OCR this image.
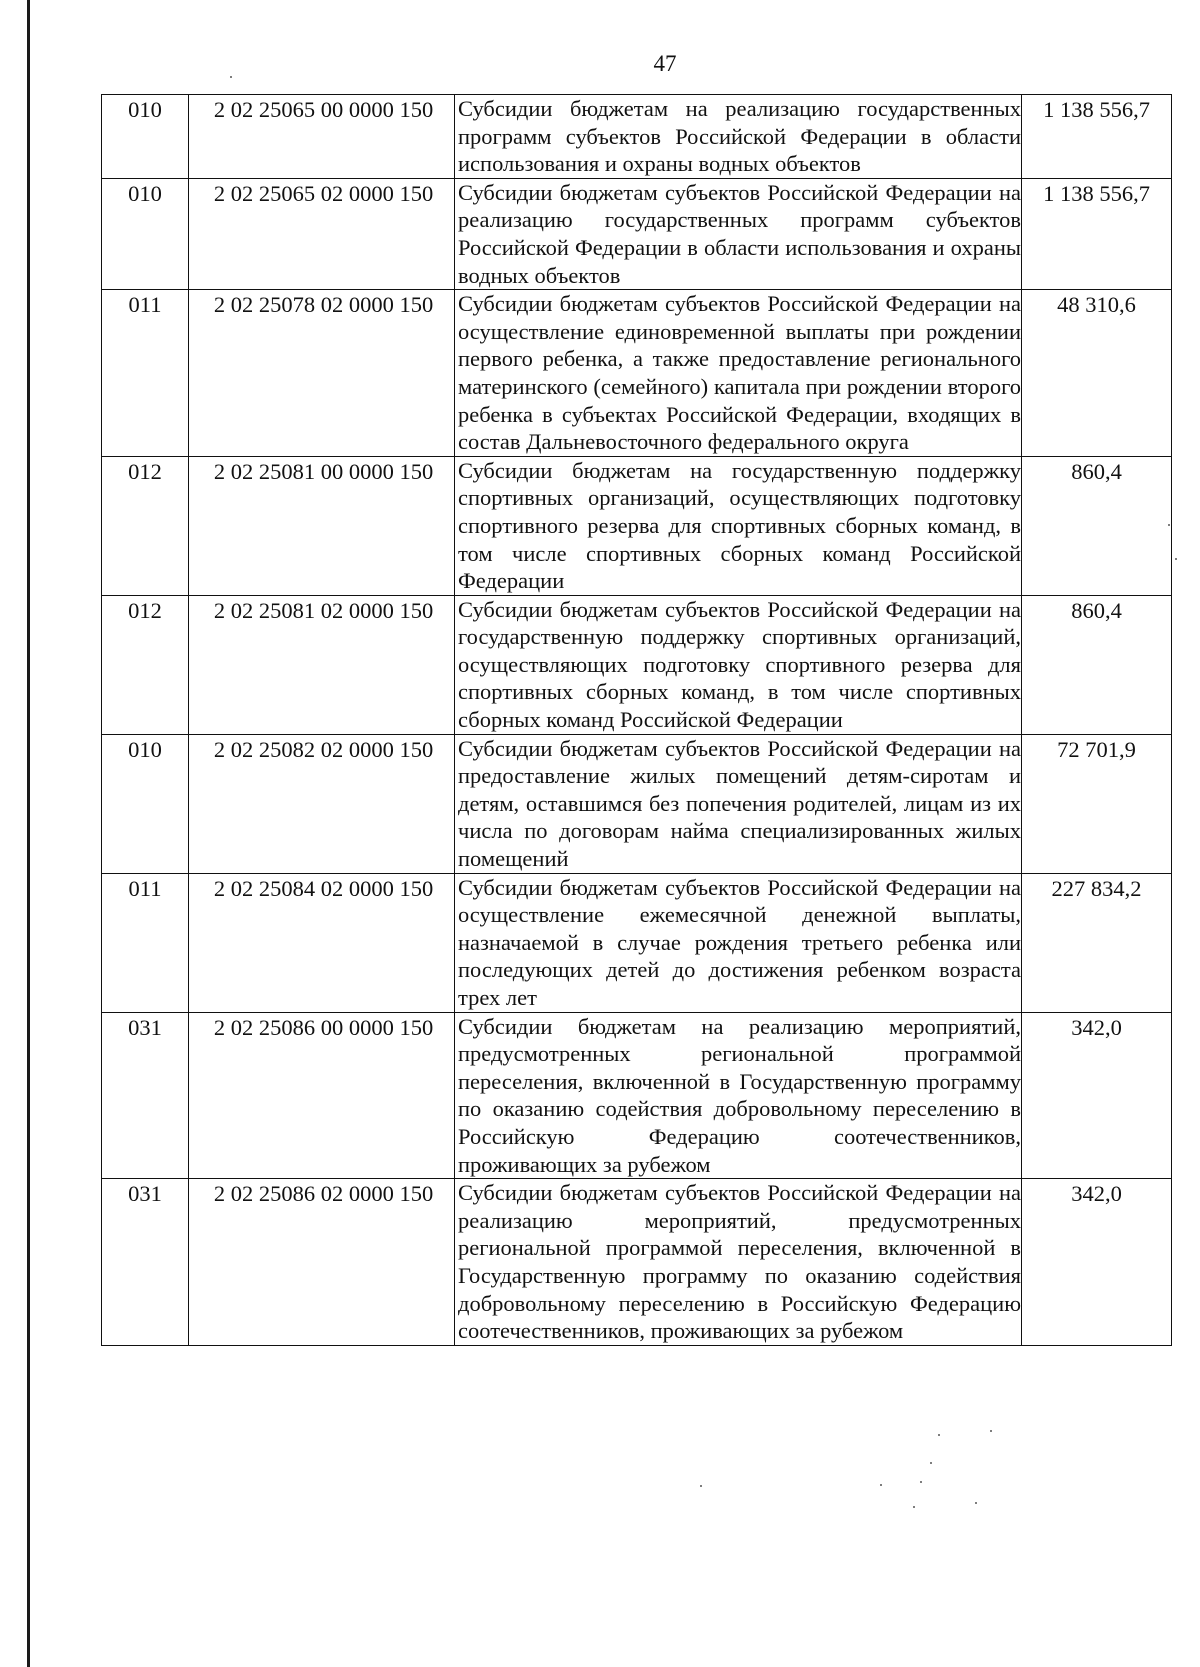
47
010	2 02 25065 00 0000 150	Субсидии бюджетам на реализацию государственных программ субъектов Российской Федерации в области использования и охраны водных объектов	1 138 556,7

010	2 02 25065 02 0000 150	Субсидии бюджетам субъектов Российской Федерации на реализацию государственных программ субъектов Российской Федерации в области использования и охраны водных объектов	1 138 556,7

011	2 02 25078 02 0000 150	Субсидии бюджетам субъектов Российской Федерации на осуществление единовременной выплаты при рождении первого ребенка, а также предоставление регионального материнского (семейного) капитала при рождении второго ребенка в субъектах Российской Федерации, входящих в состав Дальневосточного федерального округа	48 310,6

012	2 02 25081 00 0000 150	Субсидии бюджетам на государственную поддержку спортивных организаций, осуществляющих подготовку спортивного резерва для спортивных сборных команд, в том числе спортивных сборных команд Российской Федерации	860,4

012	2 02 25081 02 0000 150	Субсидии бюджетам субъектов Российской Федерации на государственную поддержку спортивных организаций, осуществляющих подготовку спортивного резерва для спортивных сборных команд, в том числе спортивных сборных команд Российской Федерации	860,4

010	2 02 25082 02 0000 150	Субсидии бюджетам субъектов Российской Федерации на предоставление жилых помещений детям-сиротам и детям, оставшимся без попечения родителей, лицам из их числа по договорам найма специализированных жилых помещений	72 701,9

011	2 02 25084 02 0000 150	Субсидии бюджетам субъектов Российской Федерации на осуществление ежемесячной денежной выплаты, назначаемой в случае рождения третьего ребенка или последующих детей до достижения ребенком возраста трех лет	227 834,2

031	2 02 25086 00 0000 150	Субсидии бюджетам на реализацию мероприятий, предусмотренных региональной программой переселения, включенной в Государственную программу по оказанию содействия добровольному переселению в Российскую Федерацию соотечественников, проживающих за рубежом	342,0

031	2 02 25086 02 0000 150	Субсидии бюджетам субъектов Российской Федерации на реализацию мероприятий, предусмотренных региональной программой переселения, включенной в Государственную программу по оказанию содействия добровольному переселению в Российскую Федерацию соотечественников, проживающих за рубежом	342,0
